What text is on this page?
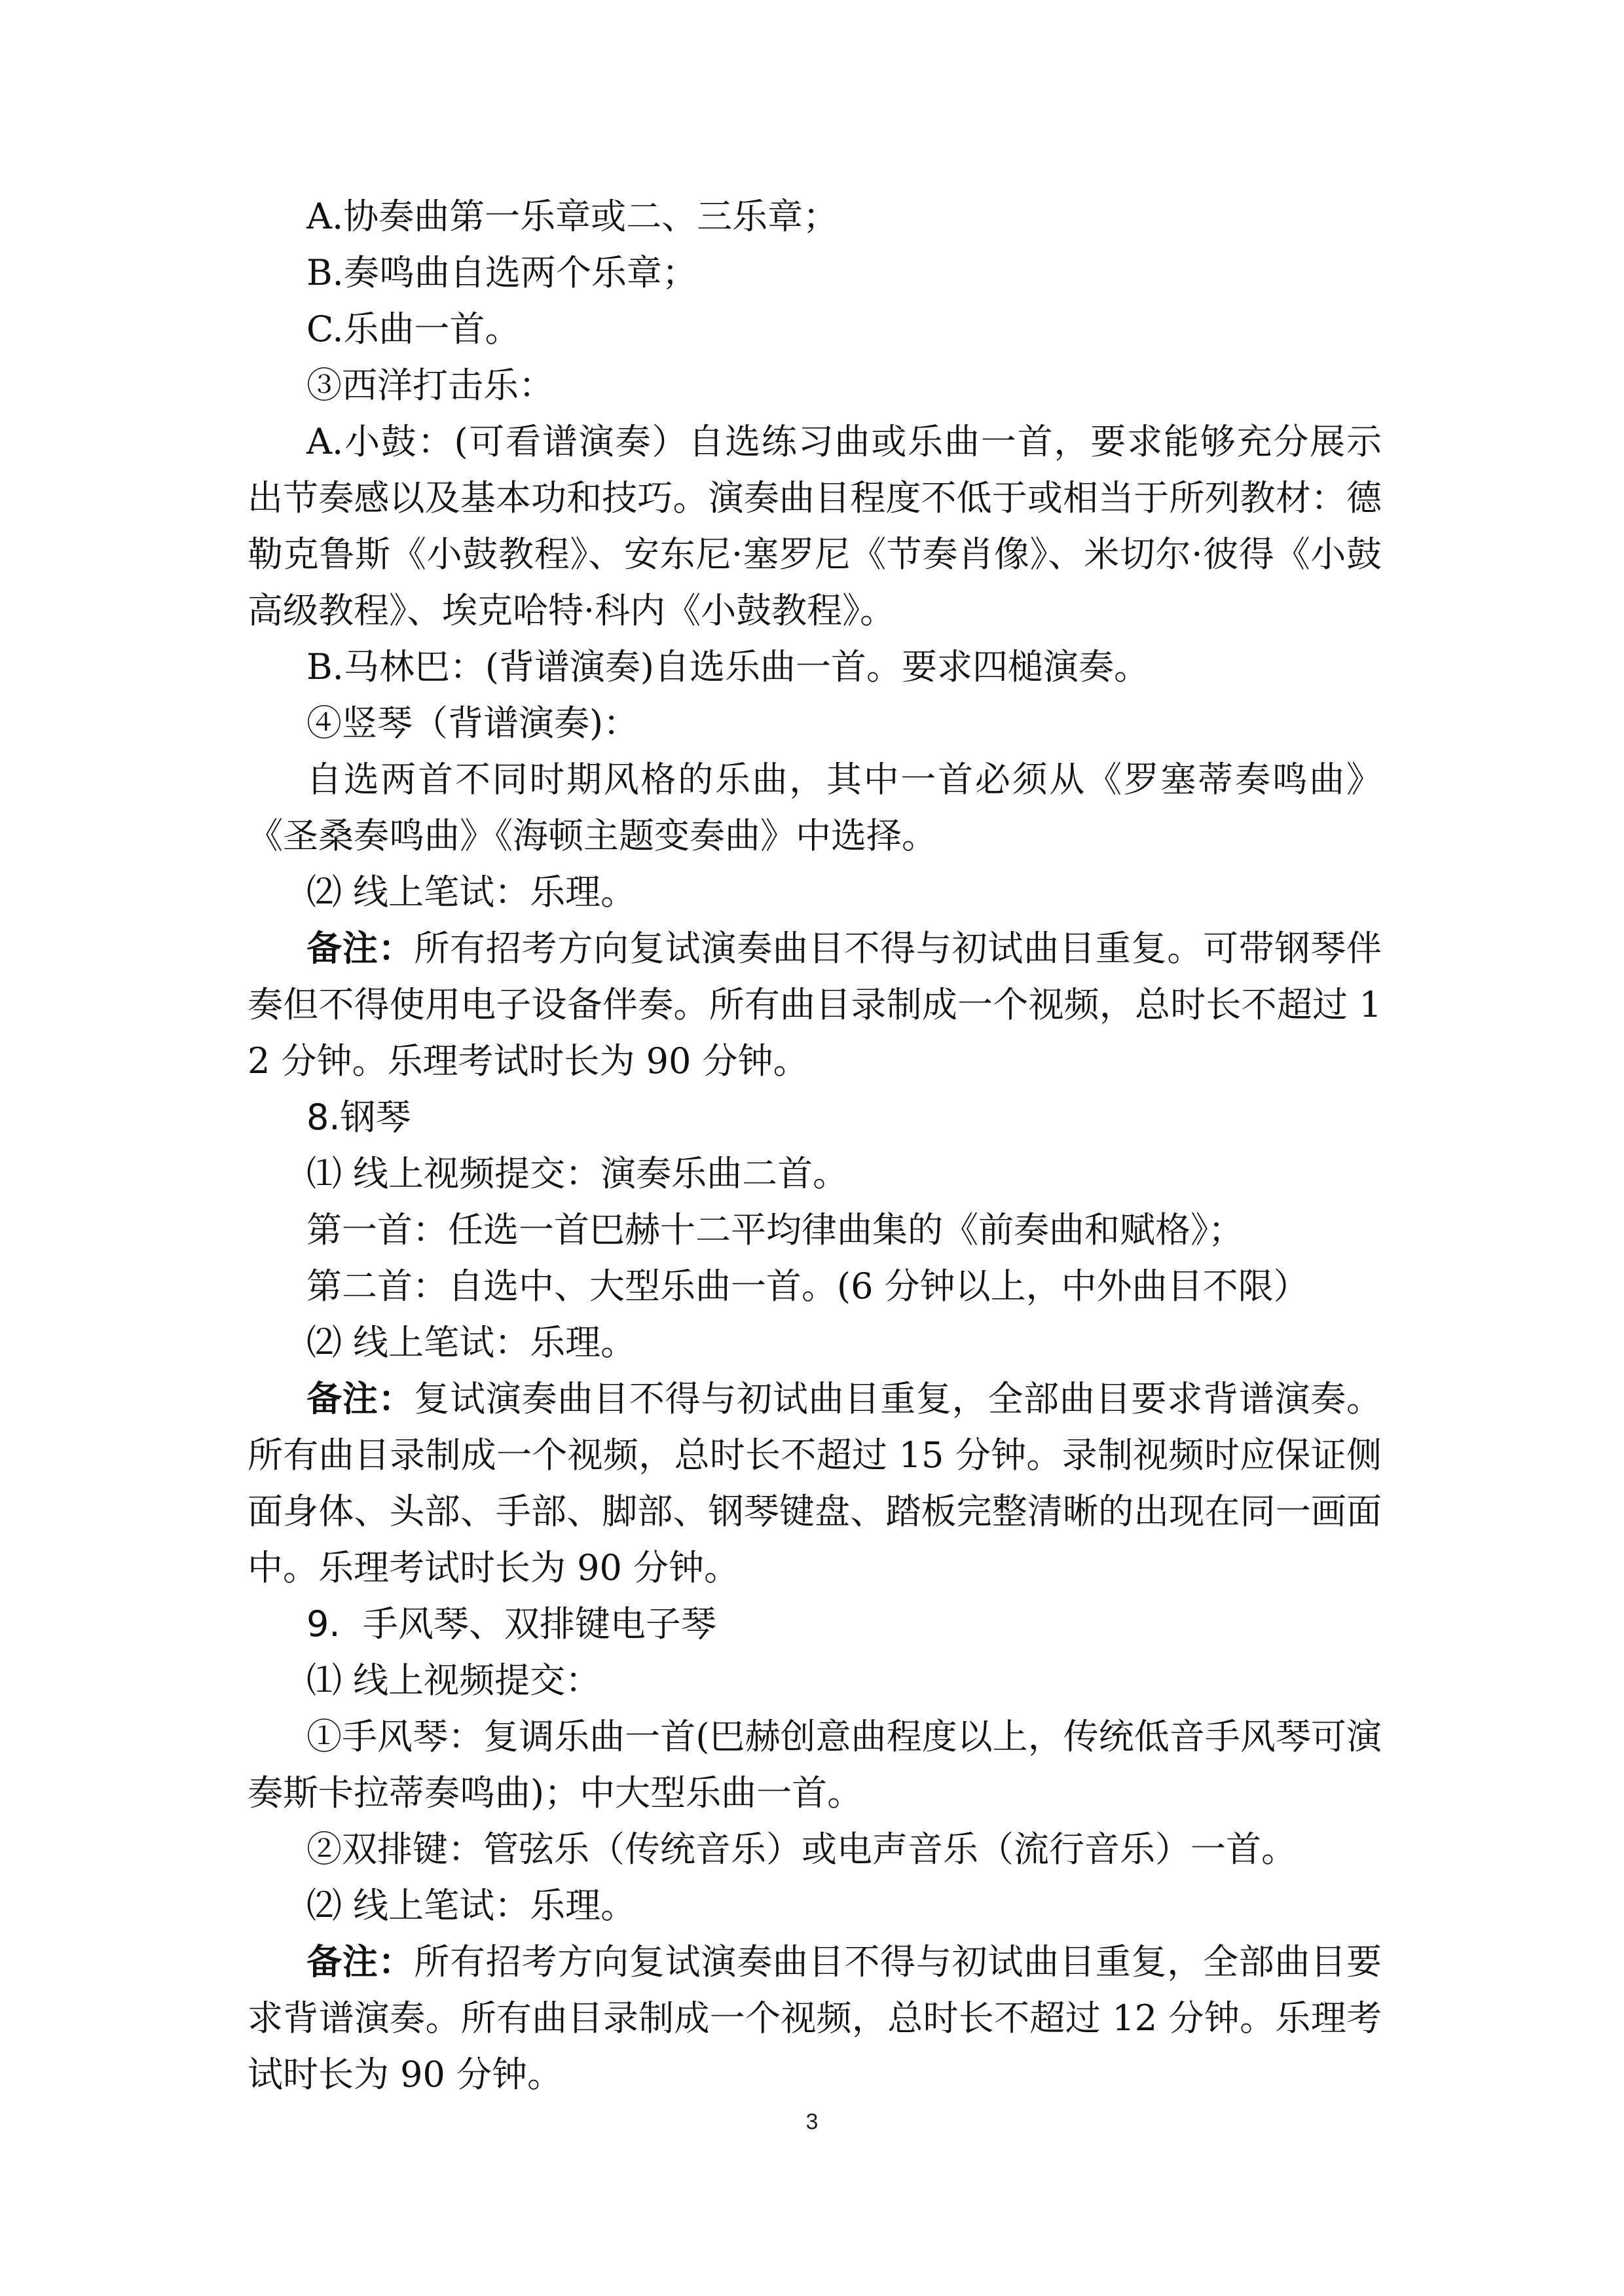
A.协奏曲第一乐章或二、三乐章；

B.奏鸣曲自选两个乐章；

C.乐曲一首。

③西洋打击乐：

A.小鼓：(可看谱演奏）自选练习曲或乐曲一首，要求能够充分展示出节奏感以及基本功和技巧。演奏曲目程度不低于或相当于所列教材：德勒克鲁斯《小鼓教程》、安东尼·塞罗尼《节奏肖像》、米切尔·彼得《小鼓高级教程》、埃克哈特·科内《小鼓教程》。

B.马林巴：(背谱演奏)自选乐曲一首。要求四槌演奏。

④竖琴（背谱演奏)：

自选两首不同时期风格的乐曲，其中一首必须从《罗塞蒂奏鸣曲》《圣桑奏鸣曲》《海顿主题变奏曲》中选择。

⑵ 线上笔试：乐理。

备注：所有招考方向复试演奏曲目不得与初试曲目重复。可带钢琴伴奏但不得使用电子设备伴奏。所有曲目录制成一个视频，总时长不超过 12 分钟。乐理考试时长为 90 分钟。

8.钢琴

⑴ 线上视频提交：演奏乐曲二首。

第一首：任选一首巴赫十二平均律曲集的《前奏曲和赋格》；

第二首：自选中、大型乐曲一首。(6 分钟以上，中外曲目不限）

⑵ 线上笔试：乐理。

备注：复试演奏曲目不得与初试曲目重复，全部曲目要求背谱演奏。所有曲目录制成一个视频，总时长不超过 15 分钟。录制视频时应保证侧面身体、头部、手部、脚部、钢琴键盘、踏板完整清晰的出现在同一画面中。乐理考试时长为 90 分钟。

9.  手风琴、双排键电子琴

⑴ 线上视频提交：

①手风琴：复调乐曲一首(巴赫创意曲程度以上，传统低音手风琴可演奏斯卡拉蒂奏鸣曲)；中大型乐曲一首。

②双排键：管弦乐（传统音乐）或电声音乐（流行音乐）一首。

⑵ 线上笔试：乐理。

备注：所有招考方向复试演奏曲目不得与初试曲目重复，全部曲目要求背谱演奏。所有曲目录制成一个视频，总时长不超过 12 分钟。乐理考试时长为 90 分钟。

3
